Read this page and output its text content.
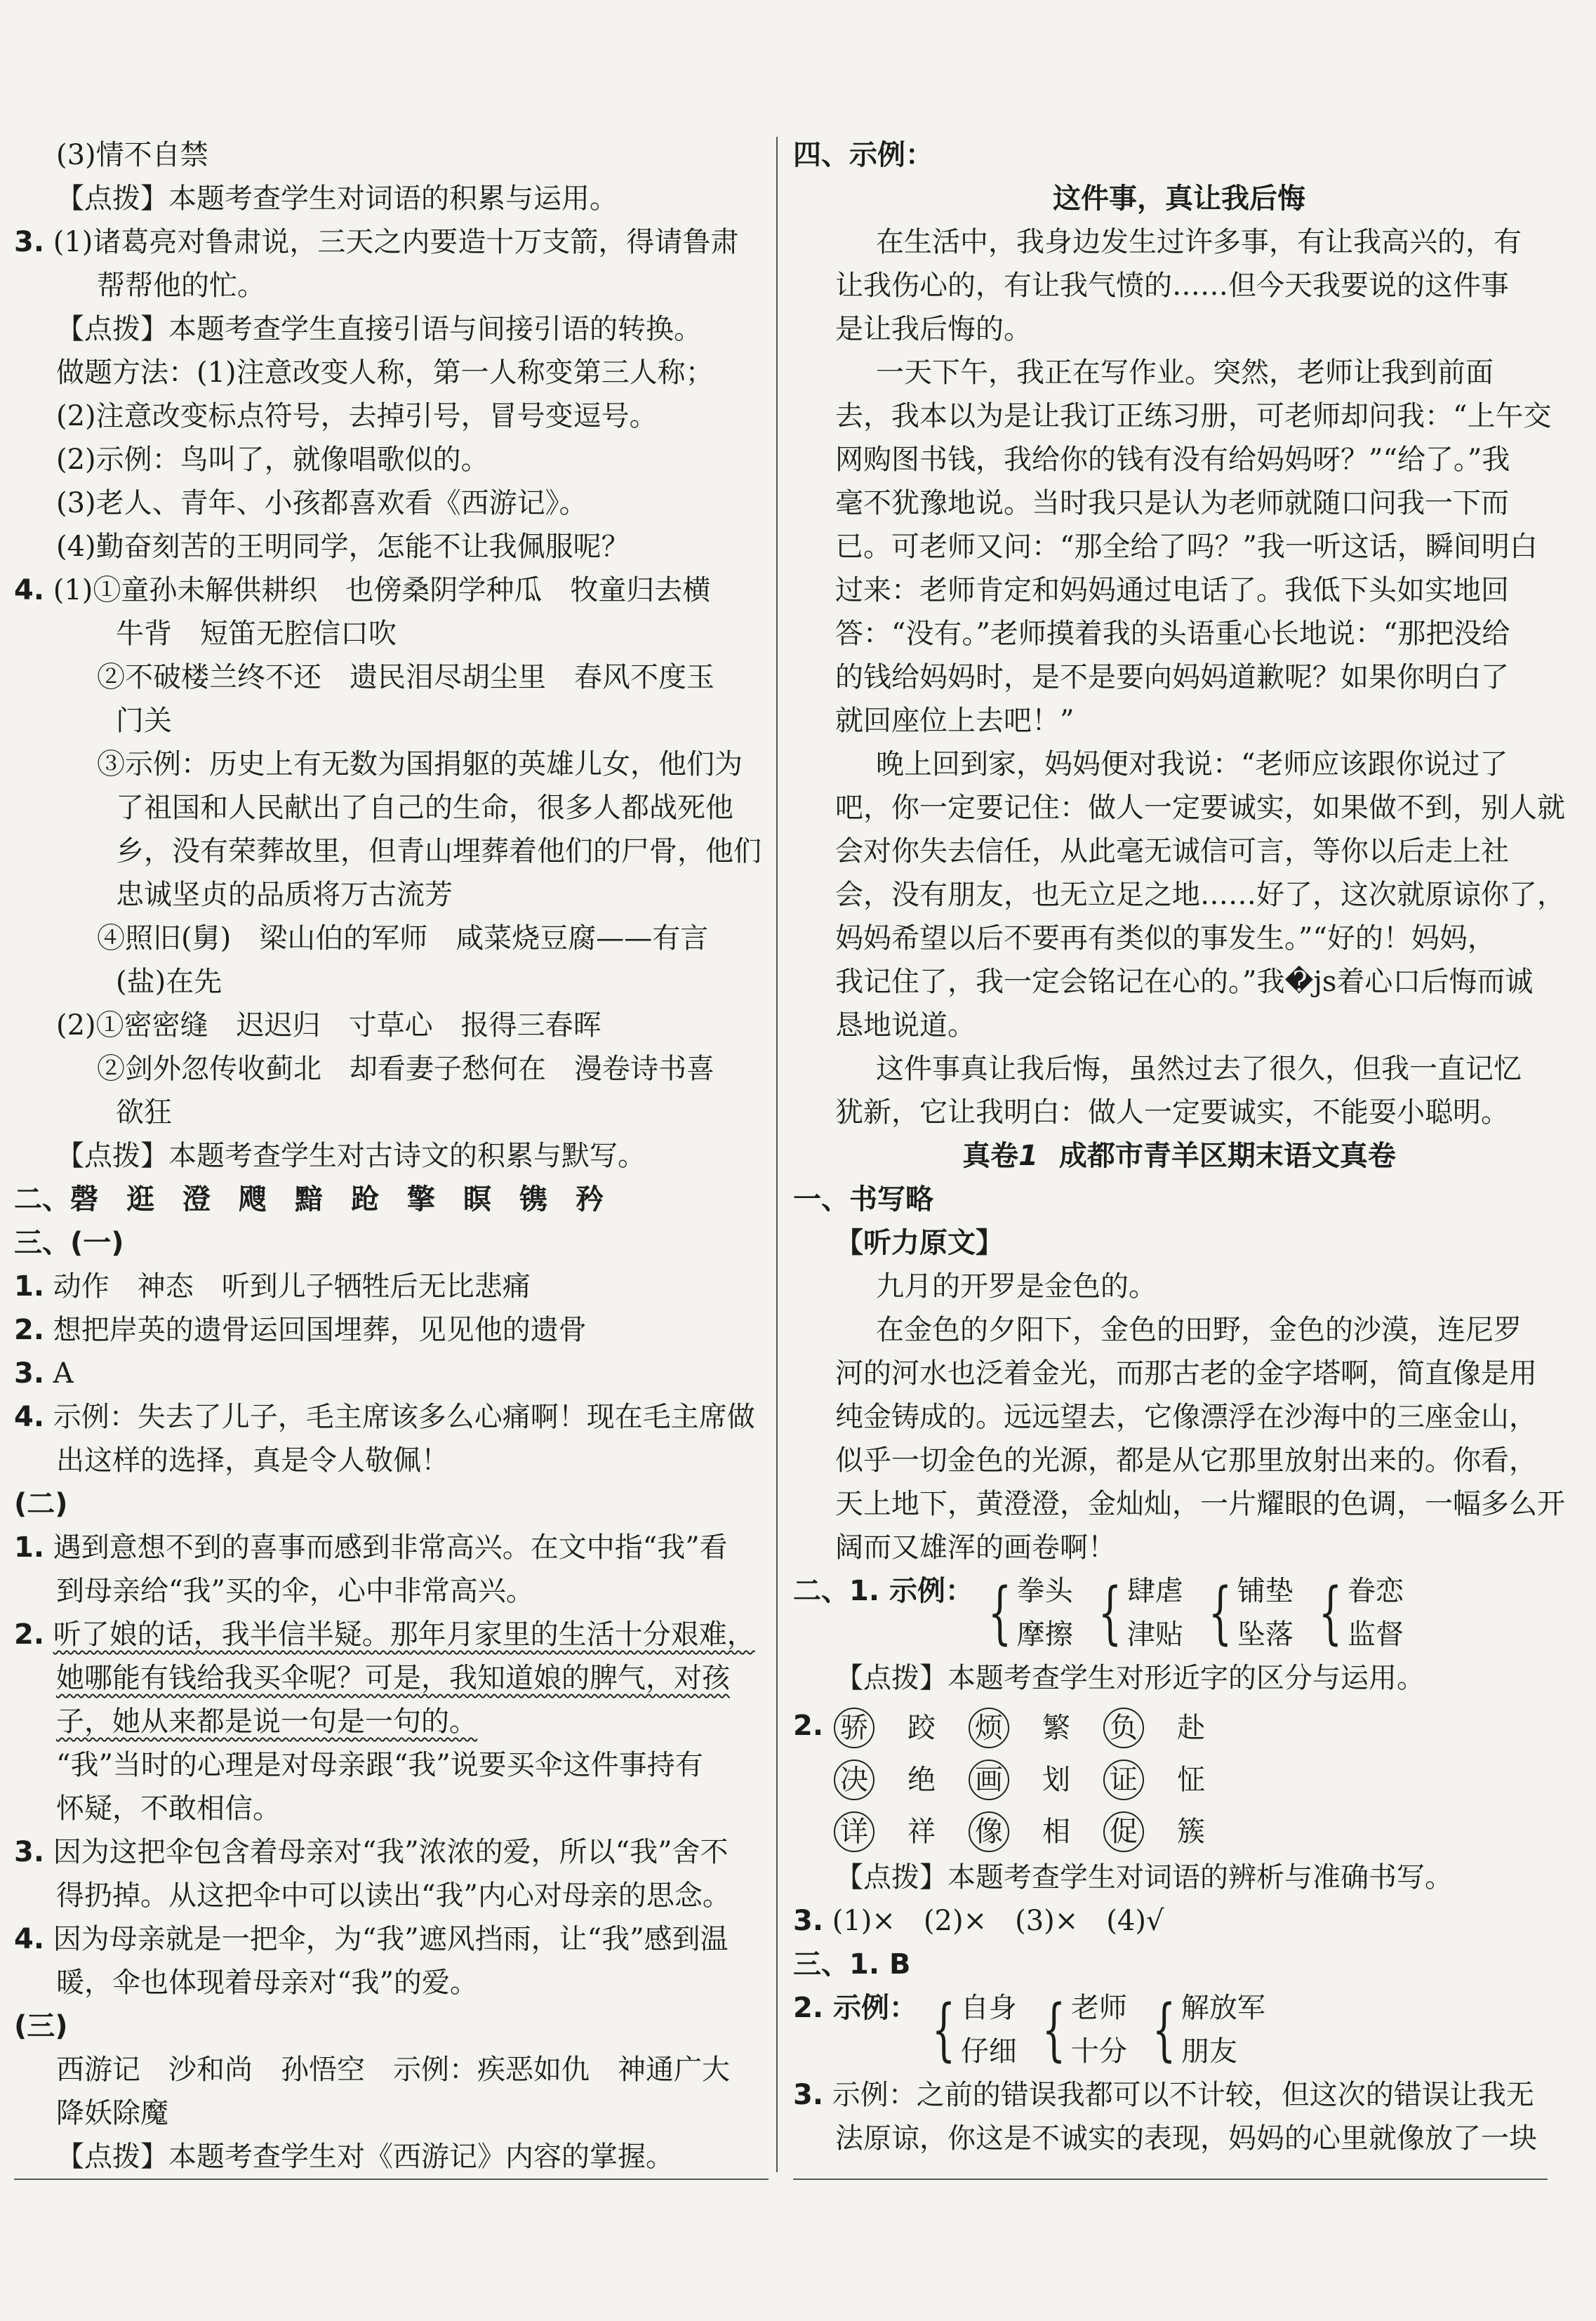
(3)情不自禁
【点拨】本题考查学生对词语的积累与运用。
3. (1)诸葛亮对鲁肃说，三天之内要造十万支箭，得请鲁肃
帮帮他的忙。
【点拨】本题考查学生直接引语与间接引语的转换。
做题方法：(1)注意改变人称，第一人称变第三人称；
(2)注意改变标点符号，去掉引号，冒号变逗号。
(2)示例：鸟叫了，就像唱歌似的。
(3)老人、青年、小孩都喜欢看《西游记》。
(4)勤奋刻苦的王明同学，怎能不让我佩服呢？
4. (1)①童孙未解供耕织　也傍桑阴学种瓜　牧童归去横
牛背　短笛无腔信口吹
②不破楼兰终不还　遗民泪尽胡尘里　春风不度玉
门关
③示例：历史上有无数为国捐躯的英雄儿女，他们为
了祖国和人民献出了自己的生命，很多人都战死他
乡，没有荣葬故里，但青山埋葬着他们的尸骨，他们
忠诚坚贞的品质将万古流芳
④照旧(舅)　梁山伯的军师　咸菜烧豆腐——有言
(盐)在先
(2)①密密缝　迟迟归　寸草心　报得三春晖
②剑外忽传收蓟北　却看妻子愁何在　漫卷诗书喜
欲狂
【点拨】本题考查学生对古诗文的积累与默写。
二、磬　逛　澄　飕　黯　跄　擎　瞑　镌　矜
三、(一)
1. 动作　神态　听到儿子牺牲后无比悲痛
2. 想把岸英的遗骨运回国埋葬，见见他的遗骨
3. A
4. 示例：失去了儿子，毛主席该多么心痛啊！现在毛主席做
出这样的选择，真是令人敬佩！
(二)
1. 遇到意想不到的喜事而感到非常高兴。在文中指“我”看
到母亲给“我”买的伞，心中非常高兴。
2. 听了娘的话，我半信半疑。那年月家里的生活十分艰难，
她哪能有钱给我买伞呢？可是，我知道娘的脾气，对孩
子，她从来都是说一句是一句的。
“我”当时的心理是对母亲跟“我”说要买伞这件事持有
怀疑，不敢相信。
3. 因为这把伞包含着母亲对“我”浓浓的爱，所以“我”舍不
得扔掉。从这把伞中可以读出“我”内心对母亲的思念。
4. 因为母亲就是一把伞，为“我”遮风挡雨，让“我”感到温
暖，伞也体现着母亲对“我”的爱。
(三)
西游记　沙和尚　孙悟空　示例：疾恶如仇　神通广大
降妖除魔
【点拨】本题考查学生对《西游记》内容的掌握。
四、示例：
这件事，真让我后悔
在生活中，我身边发生过许多事，有让我高兴的，有
让我伤心的，有让我气愤的……但今天我要说的这件事
是让我后悔的。
一天下午，我正在写作业。突然，老师让我到前面
去，我本以为是让我订正练习册，可老师却问我：“上午交
网购图书钱，我给你的钱有没有给妈妈呀？”“给了。”我
毫不犹豫地说。当时我只是认为老师就随口问我一下而
已。可老师又问：“那全给了吗？”我一听这话，瞬间明白
过来：老师肯定和妈妈通过电话了。我低下头如实地回
答：“没有。”老师摸着我的头语重心长地说：“那把没给
的钱给妈妈时，是不是要向妈妈道歉呢？如果你明白了
就回座位上去吧！”
晚上回到家，妈妈便对我说：“老师应该跟你说过了
吧，你一定要记住：做人一定要诚实，如果做不到，别人就
会对你失去信任，从此毫无诚信可言，等你以后走上社
会，没有朋友，也无立足之地……好了，这次就原谅你了，
妈妈希望以后不要再有类似的事发生。”“好的！妈妈，
我记住了，我一定会铭记在心的。”我�js着心口后悔而诚
恳地说道。
这件事真让我后悔，虽然过去了很久，但我一直记忆
犹新，它让我明白：做人一定要诚实，不能耍小聪明。
真卷1 成都市青羊区期末语文真卷
一、书写略
【听力原文】
九月的开罗是金色的。
在金色的夕阳下，金色的田野，金色的沙漠，连尼罗
河的河水也泛着金光，而那古老的金字塔啊，简直像是用
纯金铸成的。远远望去，它像漂浮在沙海中的三座金山，
似乎一切金色的光源，都是从它那里放射出来的。你看，
天上地下，黄澄澄，金灿灿，一片耀眼的色调，一幅多么开
阔而又雄浑的画卷啊！
二、1. 示例： { 拳头
摩擦 { 肆虐
津贴 { 铺垫
坠落 { 眷恋
监督
【点拨】本题考查学生对形近字的区分与运用。
2. 骄 跤 烦 繁 负 赴
决 绝 画 划 证 怔
详 祥 像 相 促 簇
【点拨】本题考查学生对词语的辨析与准确书写。
3. (1)×　(2)×　(3)×　(4)√
三、1. B
2. 示例： { 自身
仔细 { 老师
十分 { 解放军
朋友
3. 示例：之前的错误我都可以不计较，但这次的错误让我无
法原谅，你这是不诚实的表现，妈妈的心里就像放了一块
